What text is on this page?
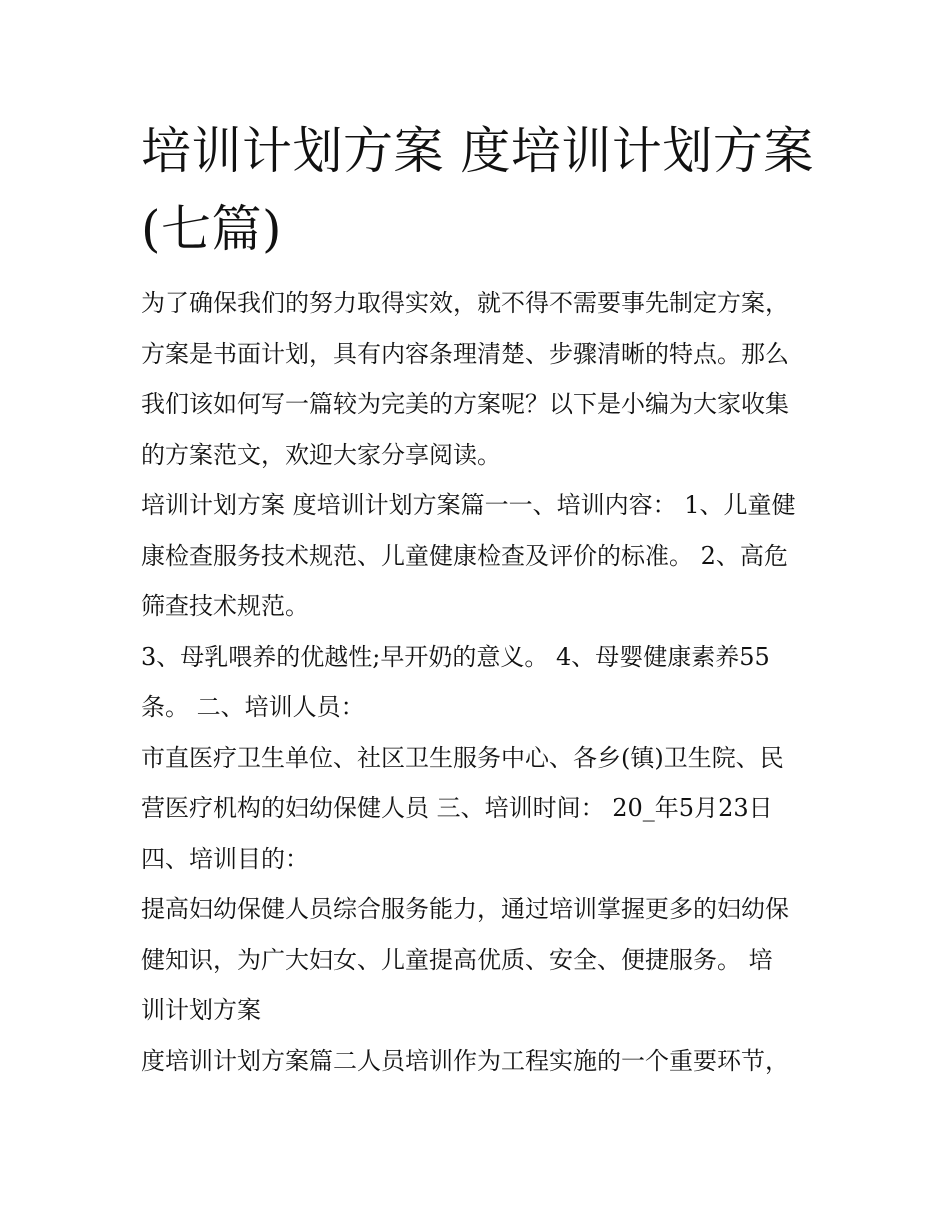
培训计划方案 度培训计划方案
(七篇)

为了确保我们的努力取得实效，就不得不需要事先制定方案，
方案是书面计划，具有内容条理清楚、步骤清晰的特点。那么
我们该如何写一篇较为完美的方案呢？以下是小编为大家收集
的方案范文，欢迎大家分享阅读。

培训计划方案 度培训计划方案篇一一、培训内容： 1、儿童健
康检查服务技术规范、儿童健康检查及评价的标准。 2、高危
筛查技术规范。

3、母乳喂养的优越性;早开奶的意义。 4、母婴健康素养55
条。 二、培训人员：

市直医疗卫生单位、社区卫生服务中心、各乡(镇)卫生院、民
营医疗机构的妇幼保健人员 三、培训时间： 20_年5月23日
四、培训目的：

提高妇幼保健人员综合服务能力，通过培训掌握更多的妇幼保
健知识，为广大妇女、儿童提高优质、安全、便捷服务。 培
训计划方案

度培训计划方案篇二人员培训作为工程实施的一个重要环节，
